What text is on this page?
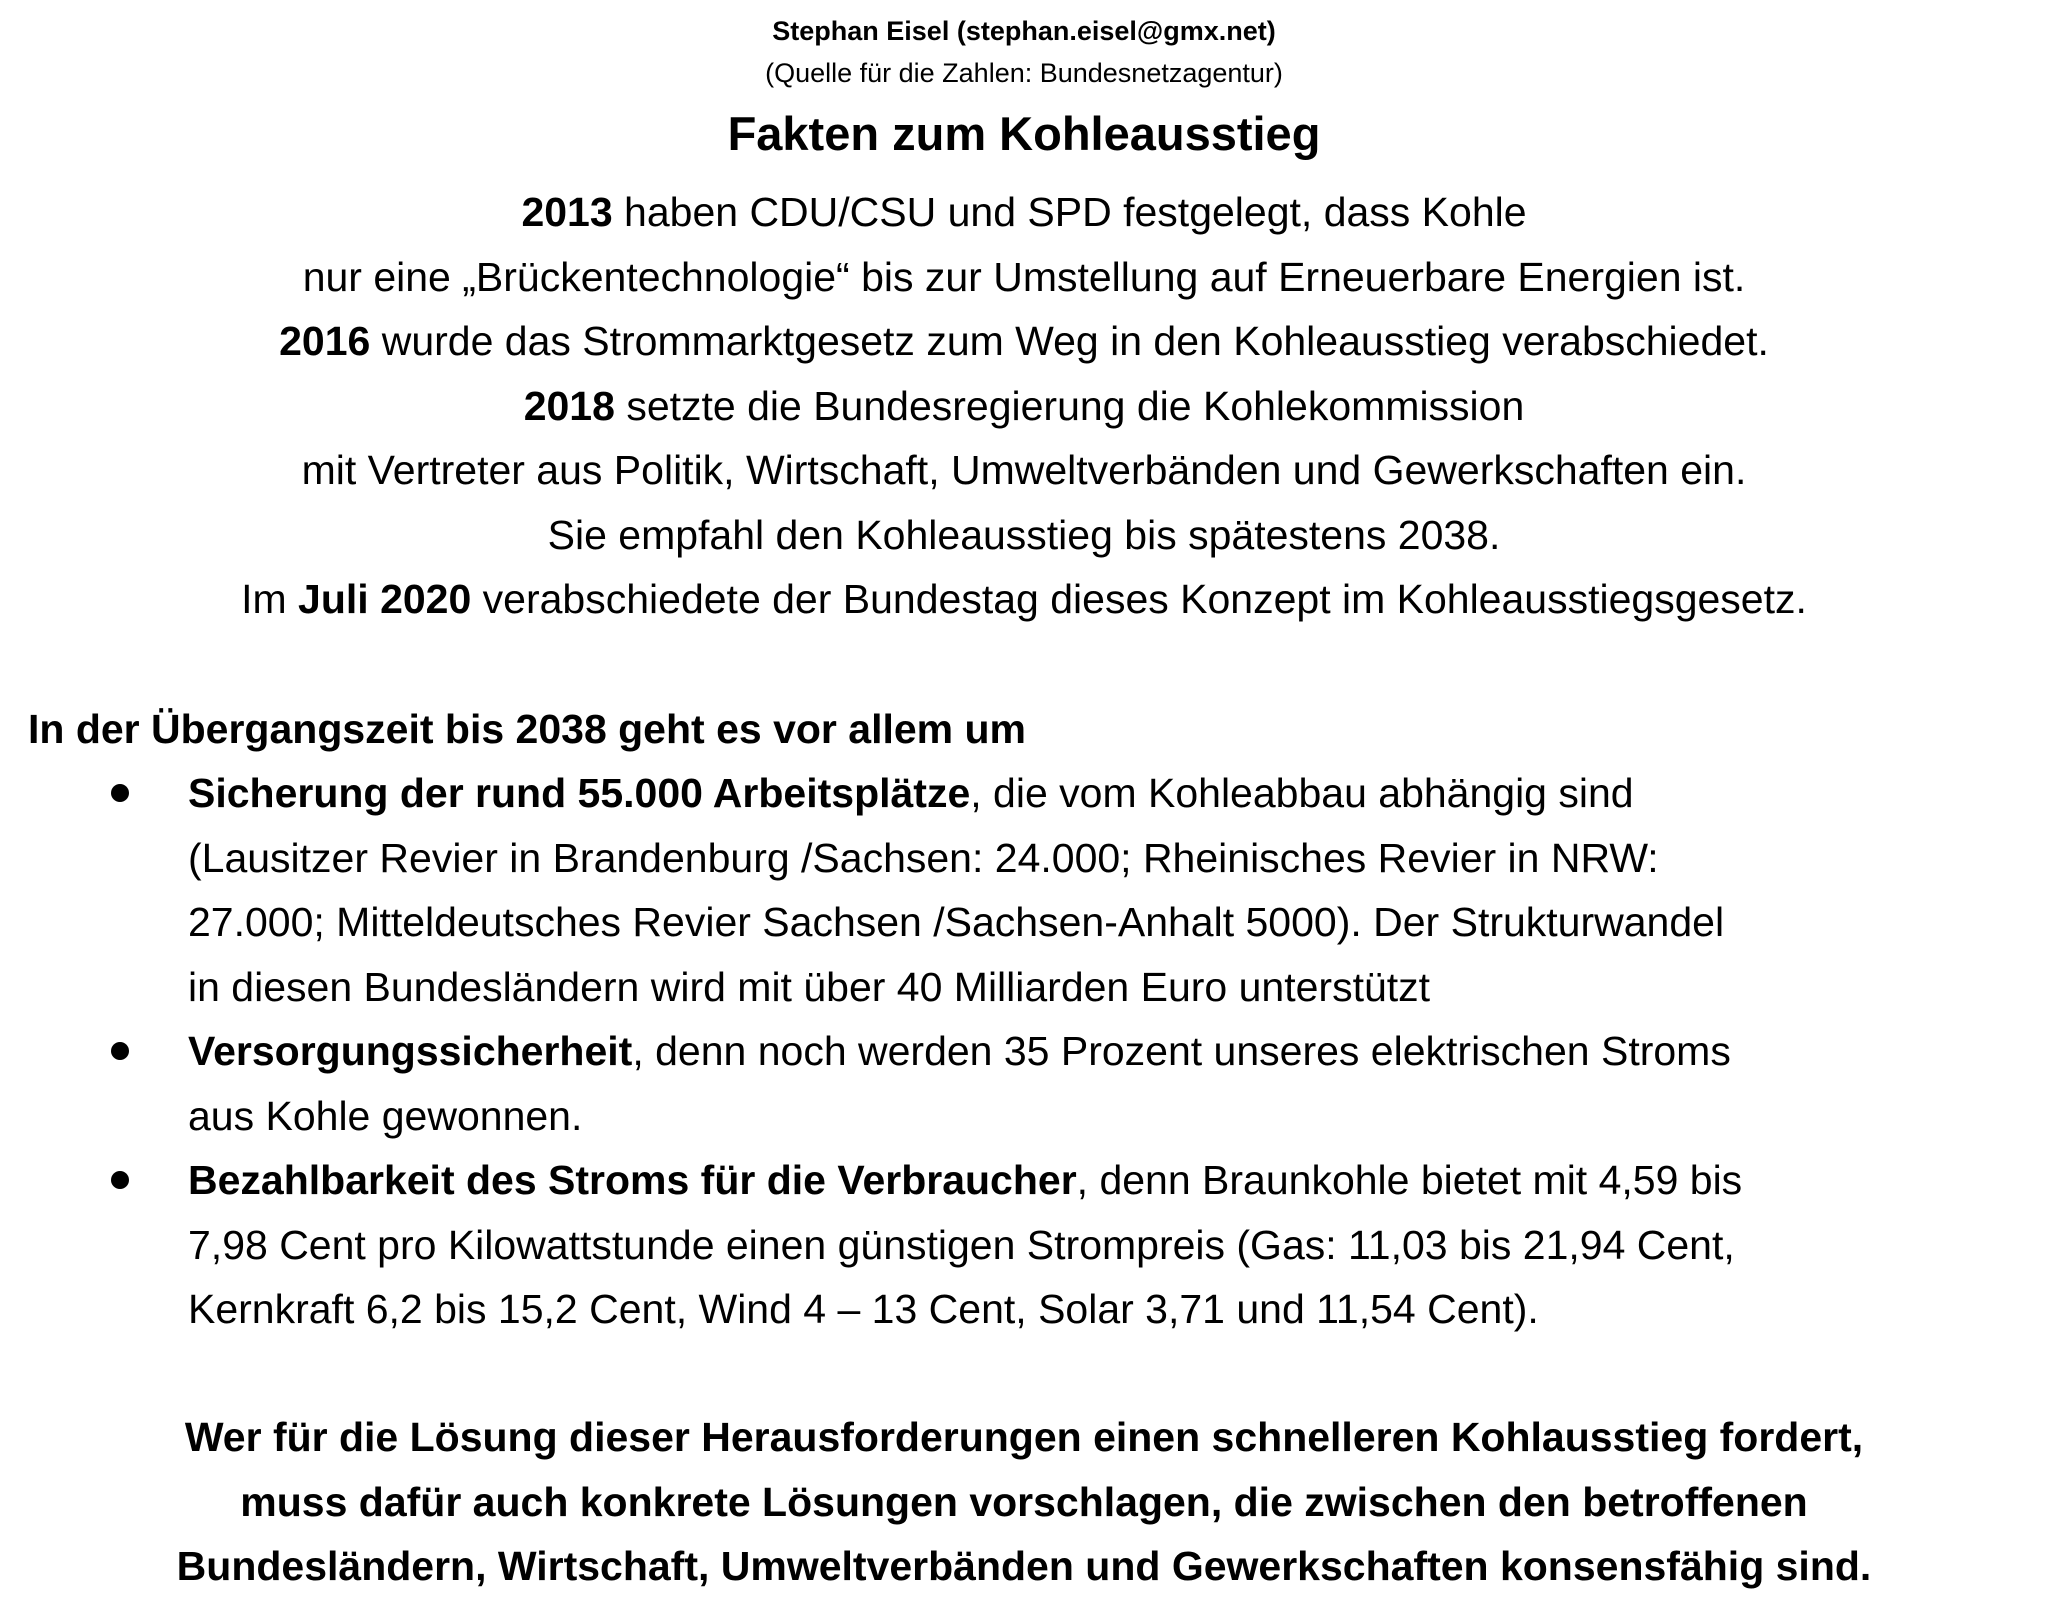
Stephan Eisel (stephan.eisel@gmx.net)
(Quelle für die Zahlen: Bundesnetzagentur)
Fakten zum Kohleausstieg

2013 haben CDU/CSU und SPD festgelegt, dass Kohle

nur eine „Brückentechnologie“ bis zur Umstellung auf Erneuerbare Energien ist.

2016 wurde das Strommarktgesetz zum Weg in den Kohleausstieg verabschiedet.

2018 setzte die Bundesregierung die Kohlekommission

mit Vertreter aus Politik, Wirtschaft, Umweltverbänden und Gewerkschaften ein.

Sie empfahl den Kohleausstieg bis spätestens 2038.

Im Juli 2020 verabschiedete der Bundestag dieses Konzept im Kohleausstiegsgesetz.

In der Übergangszeit bis 2038 geht es vor allem um
Sicherung der rund 55.000 Arbeitsplätze, die vom Kohleabbau abhängig sind
(Lausitzer Revier in Brandenburg /Sachsen: 24.000; Rheinisches Revier in NRW:
27.000; Mitteldeutsches Revier Sachsen /Sachsen-Anhalt 5000). Der Strukturwandel
in diesen Bundesländern wird mit über 40 Milliarden Euro unterstützt
Versorgungssicherheit, denn noch werden 35 Prozent unseres elektrischen Stroms
aus Kohle gewonnen.
Bezahlbarkeit des Stroms für die Verbraucher, denn Braunkohle bietet mit 4,59 bis
7,98 Cent pro Kilowattstunde einen günstigen Strompreis (Gas: 11,03 bis 21,94 Cent,
Kernkraft 6,2 bis 15,2 Cent, Wind 4 – 13 Cent, Solar 3,71 und 11,54 Cent).

Wer für die Lösung dieser Herausforderungen einen schnelleren Kohlausstieg fordert,

muss dafür auch konkrete Lösungen vorschlagen, die zwischen den betroffenen

Bundesländern, Wirtschaft, Umweltverbänden und Gewerkschaften konsensfähig sind.
